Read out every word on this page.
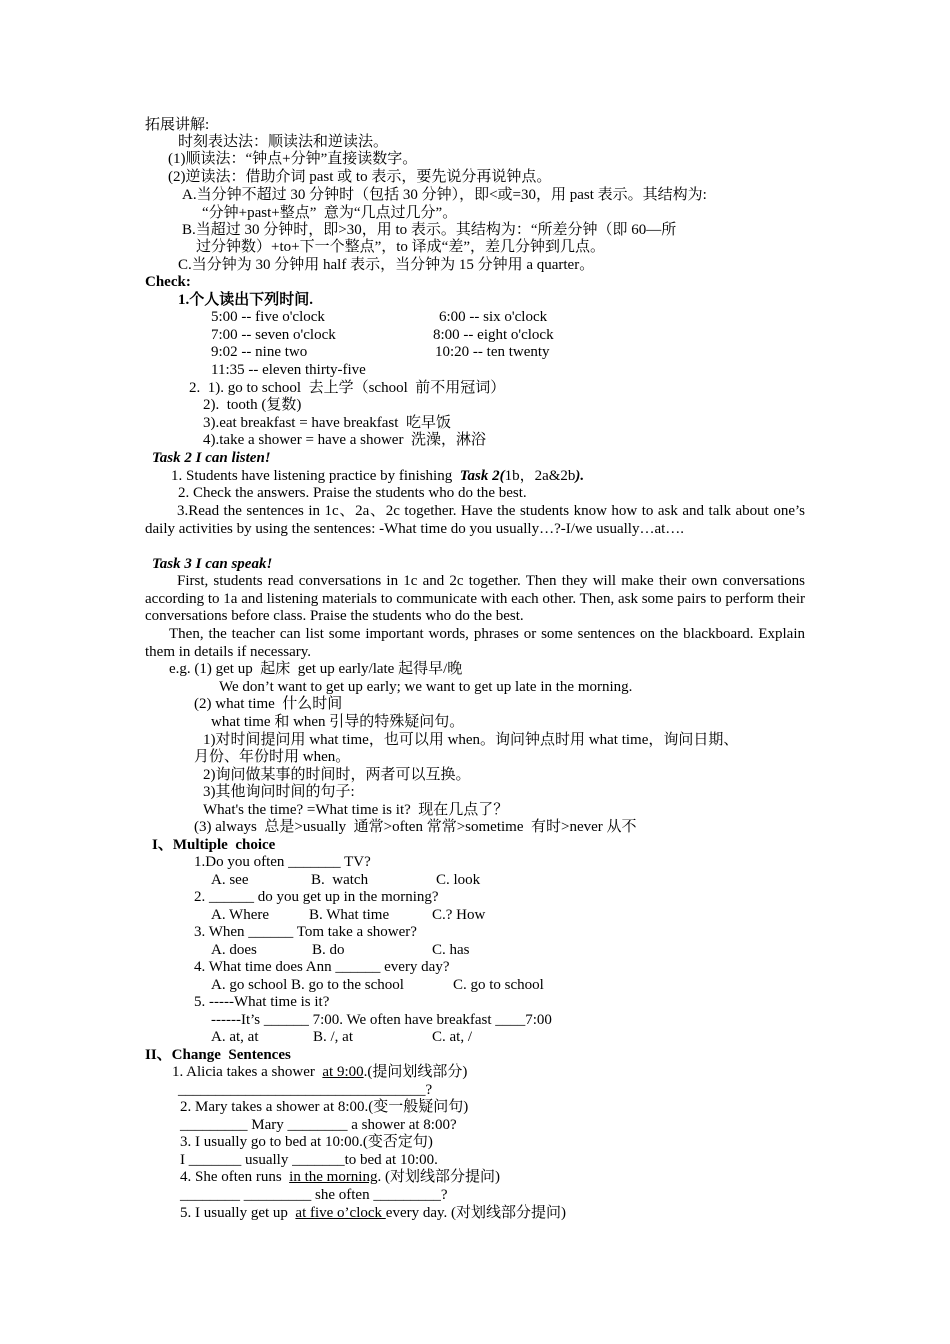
拓展讲解:
时刻表达法：顺读法和逆读法。
(1)顺读法：“钟点+分钟”直接读数字。
(2)逆读法：借助介词 past 或 to 表示，要先说分再说钟点。
A.当分钟不超过 30 分钟时（包括 30 分钟），即<或=30，用 past 表示。其结构为:
“分钟+past+整点”  意为“几点过几分”。
B.当超过 30 分钟时，即>30，用 to 表示。其结构为：“所差分钟（即 60—所
过分钟数）+to+下一个整点”，to 译成“差”，差几分钟到几点。
C.当分钟为 30 分钟用 half 表示，当分钟为 15 分钟用 a quarter。
Check:
1.个人读出下列时间.
5:00 -- five o'clock	6:00 -- six o'clock
7:00 -- seven o'clock	8:00 -- eight o'clock
9:02 -- nine two	10:20 -- ten twenty
11:35 -- eleven thirty-five
2.  1). go to school  去上学（school  前不用冠词）
2).  tooth (复数)
3).eat breakfast = have breakfast  吃早饭
4).take a shower = have a shower  洗澡，淋浴
Task 2 I can listen!
1. Students have listening practice by finishing  Task 2(1b，2a&2b).
2. Check the answers. Praise the students who do the best.
3.Read the sentences in 1c、2a、2c together. Have the students know how to ask and talk about one’s daily activities by using the sentences: -What time do you usually…?-I/we usually…at….
Task 3 I can speak!
First, students read conversations in 1c and 2c together. Then they will make their own conversations according to 1a and listening materials to communicate with each other. Then, ask some pairs to perform their conversations before class. Praise the students who do the best.
Then, the teacher can list some important words, phrases or some sentences on the blackboard. Explain them in details if necessary.
e.g. (1) get up  起床  get up early/late 起得早/晚
We don’t want to get up early; we want to get up late in the morning.
(2) what time  什么时间
what time 和 when 引导的特殊疑问句。
1)对时间提问用 what time，也可以用 when。询问钟点时用 what time，询问日期、
月份、年份时用 when。
2)询问做某事的时间时，两者可以互换。
3)其他询问时间的句子:
What's the time? =What time is it?  现在几点了？
(3) always  总是>usually  通常>often 常常>sometime  有时>never 从不
I、Multiple  choice
1.Do you often _______ TV?
A. see	B.  watch	C. look
2. ______ do you get up in the morning?
A. Where	B. What time	C.? How
3. When ______ Tom take a shower?
A. does	B. do	C. has
4. What time does Ann ______ every day?
A. go school B. go to the school	C. go to school
5. -----What time is it?
------It’s ______ 7:00. We often have breakfast ____7:00
A. at, at	B. /, at	C. at, /
II、Change  Sentences
1. Alicia takes a shower  at 9:00.(提问划线部分)
_________________________________?
2. Mary takes a shower at 8:00.(变一般疑问句)
_________ Mary ________ a shower at 8:00?
3. I usually go to bed at 10:00.(变否定句)
I _______ usually _______to bed at 10:00.
4. She often runs  in the morning. (对划线部分提问)
________ _________ she often _________?
5. I usually get up  at five o’clock every day. (对划线部分提问)
